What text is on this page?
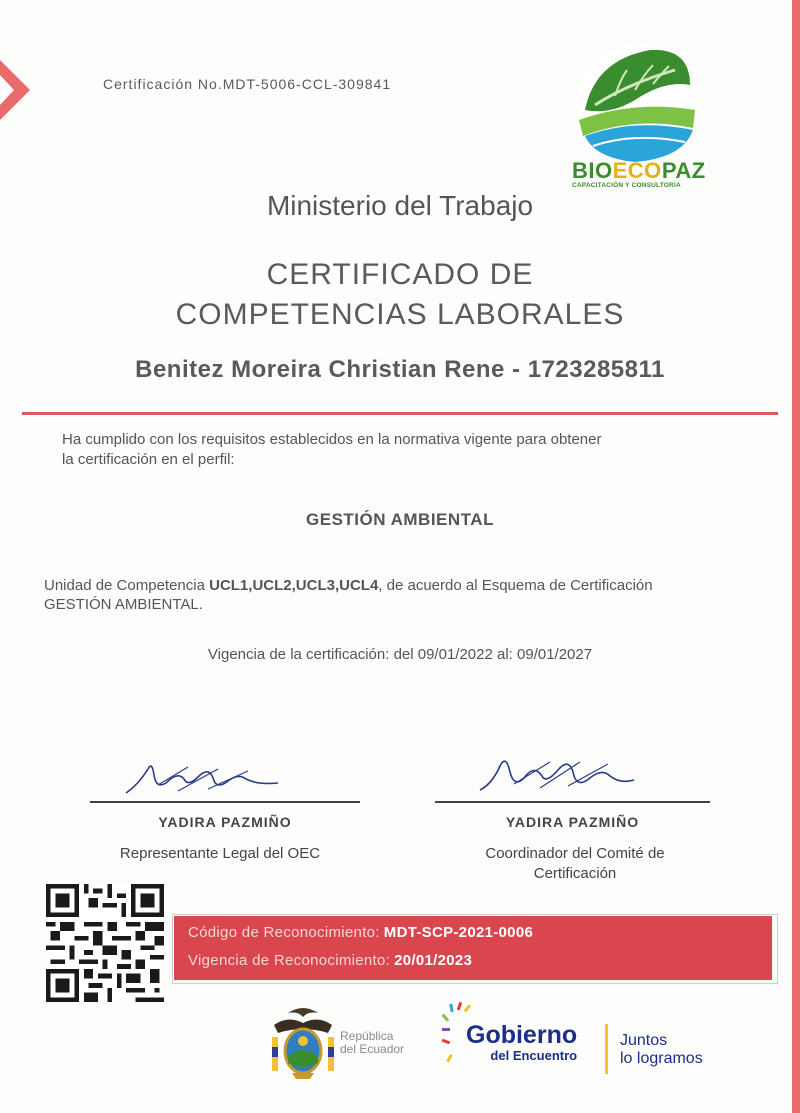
Certificación No.MDT-5006-CCL-309841
BIOECOPAZ
CAPACITACIÓN Y CONSULTORIA
Ministerio del Trabajo
CERTIFICADO DE
COMPETENCIAS LABORALES
Benitez Moreira Christian Rene - 1723285811
Ha cumplido con los requisitos establecidos en la normativa vigente para obtener
la certificación en el perfil:
GESTIÓN AMBIENTAL
Unidad de Competencia UCL1,UCL2,UCL3,UCL4, de acuerdo al Esquema de Certificación
GESTIÓN AMBIENTAL.
Vigencia de la certificación: del 09/01/2022 al: 09/01/2027
YADIRA PAZMIÑO
Representante Legal del OEC
YADIRA PAZMIÑO
Coordinador del Comité de
Certificación
Código de Reconocimiento: MDT-SCP-2021-0006
Vigencia de Reconocimiento: 20/01/2023
República
del Ecuador Gobierno
del Encuentro
Juntos
lo logramos
